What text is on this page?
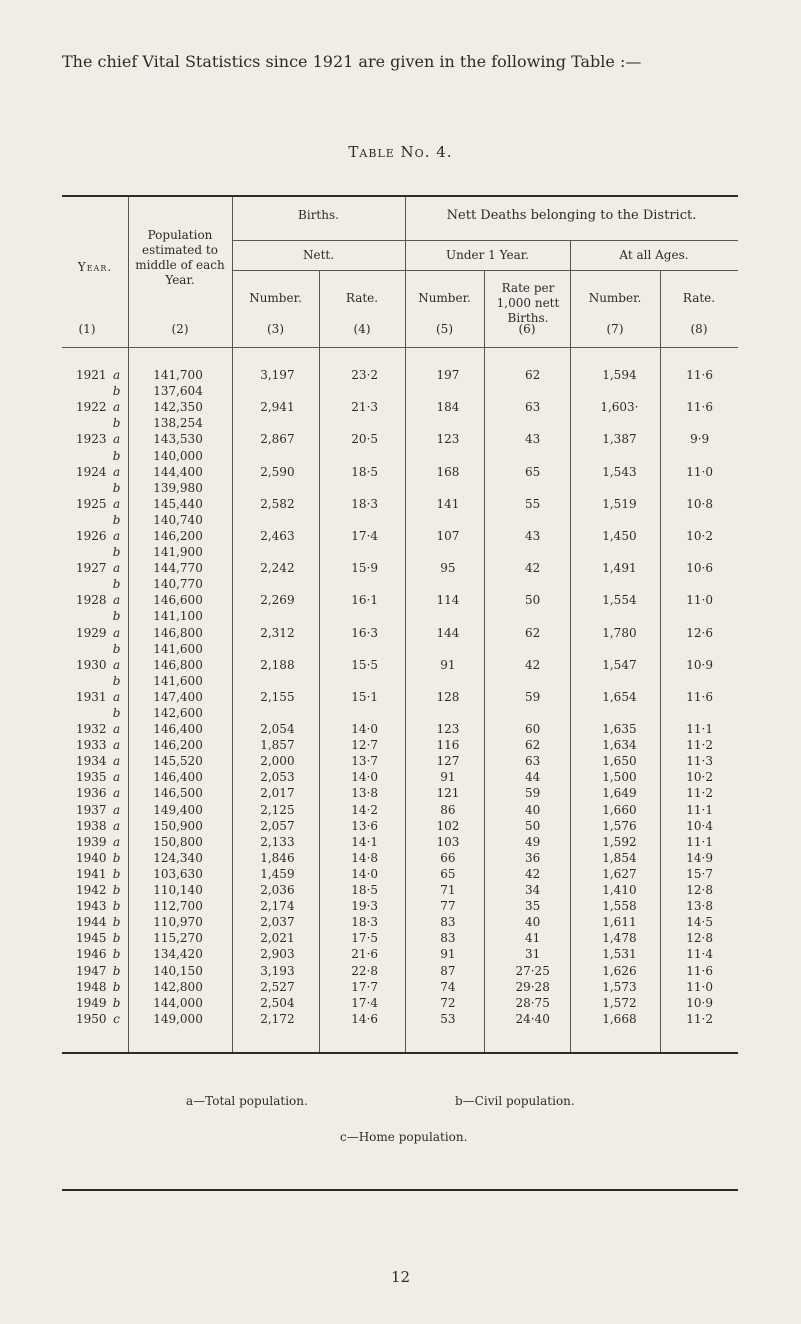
The chief Vital Statistics since 1921 are given in the following Table :—
Table No. 4.
Year.
Population estimated to middle of each Year.
Births.	Nett Deaths belonging to the District.
Nett.	Under 1 Year.	At all Ages.
Number.	Rate.	Number.
Rate per 1,000 nett Births.
Number.	Rate.
(1)	(2)	(3)	(4)	(5)	(6)	(7)	(8)
1921 a	141,700	3,197	23·2	197	62	1,594	11·6
b	137,604						
1922 a	142,350	2,941	21·3	184	63	1,603·	11·6
b	138,254						
1923 a	143,530	2,867	20·5	123	43	1,387	9·9
b	140,000						
1924 a	144,400	2,590	18·5	168	65	1,543	11·0
b	139,980						
1925 a	145,440	2,582	18·3	141	55	1,519	10·8
b	140,740						
1926 a	146,200	2,463	17·4	107	43	1,450	10·2
b	141,900						
1927 a	144,770	2,242	15·9	95	42	1,491	10·6
b	140,770						
1928 a	146,600	2,269	16·1	114	50	1,554	11·0
b	141,100						
1929 a	146,800	2,312	16·3	144	62	1,780	12·6
b	141,600						
1930 a	146,800	2,188	15·5	91	42	1,547	10·9
b	141,600						
1931 a	147,400	2,155	15·1	128	59	1,654	11·6
b	142,600						
1932 a	146,400	2,054	14·0	123	60	1,635	11·1
1933 a	146,200	1,857	12·7	116	62	1,634	11·2
1934 a	145,520	2,000	13·7	127	63	1,650	11·3
1935 a	146,400	2,053	14·0	91	44	1,500	10·2
1936 a	146,500	2,017	13·8	121	59	1,649	11·2
1937 a	149,400	2,125	14·2	86	40	1,660	11·1
1938 a	150,900	2,057	13·6	102	50	1,576	10·4
1939 a	150,800	2,133	14·1	103	49	1,592	11·1
1940 b	124,340	1,846	14·8	66	36	1,854	14·9
1941 b	103,630	1,459	14·0	65	42	1,627	15·7
1942 b	110,140	2,036	18·5	71	34	1,410	12·8
1943 b	112,700	2,174	19·3	77	35	1,558	13·8
1944 b	110,970	2,037	18·3	83	40	1,611	14·5
1945 b	115,270	2,021	17·5	83	41	1,478	12·8
1946 b	134,420	2,903	21·6	91	31	1,531	11·4
1947 b	140,150	3,193	22·8	87	27·25	1,626	11·6
1948 b	142,800	2,527	17·7	74	29·28	1,573	11·0
1949 b	144,000	2,504	17·4	72	28·75	1,572	10·9
1950 c	149,000	2,172	14·6	53	24·40	1,668	11·2
a—Total population.	b—Civil population.
c—Home population.
12
